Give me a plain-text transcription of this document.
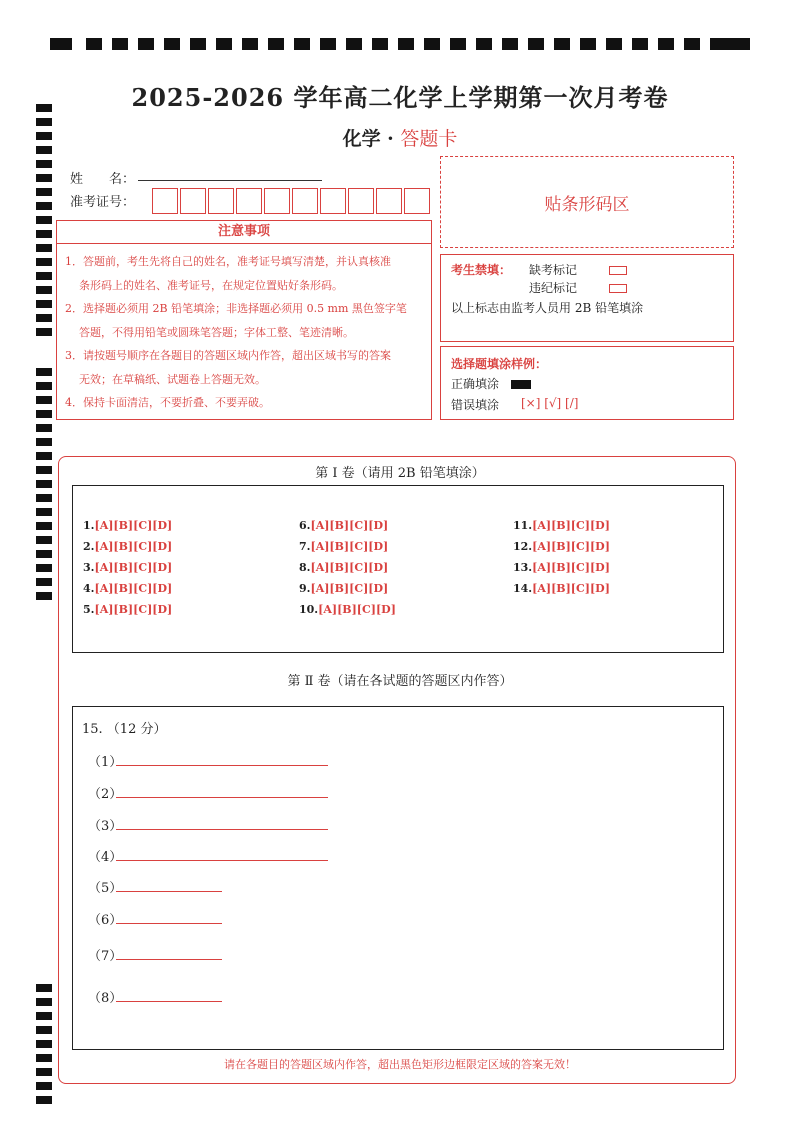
2025-2026 学年高二化学上学期第一次月考卷
化学 · 答题卡
姓　　名：
准考证号：	贴条形码区
注意事项
1．答题前，考生先将自己的姓名，准考证号填写清楚，并认真核准
条形码上的姓名、准考证号，在规定位置贴好条形码。
2．选择题必须用 2B 铅笔填涂；非选择题必须用 0.5 mm 黑色签字笔
答题，不得用铅笔或圆珠笔答题；字体工整、笔迹清晰。
3．请按题号顺序在各题目的答题区域内作答，超出区域书写的答案
无效；在草稿纸、试题卷上答题无效。
4．保持卡面清洁，不要折叠、不要弄破。
考生禁填： 缺考标记
违纪标记
以上标志由监考人员用 2B 铅笔填涂
选择题填涂样例：
正确填涂
错误填涂 [×] [√] [/]
第 Ⅰ 卷（请用 2B 铅笔填涂）
1.[A][B][C][D]
2.[A][B][C][D]
3.[A][B][C][D]
4.[A][B][C][D]
5.[A][B][C][D]
6.[A][B][C][D]
7.[A][B][C][D]
8.[A][B][C][D]
9.[A][B][C][D]
10.[A][B][C][D]
11.[A][B][C][D]
12.[A][B][C][D]
13.[A][B][C][D]
14.[A][B][C][D]
第 Ⅱ 卷（请在各试题的答题区内作答）
15. （12 分）
（1）
（2）
（3）
（4）
（5）
（6）
（7）
（8）
请在各题目的答题区域内作答，超出黑色矩形边框限定区域的答案无效！
